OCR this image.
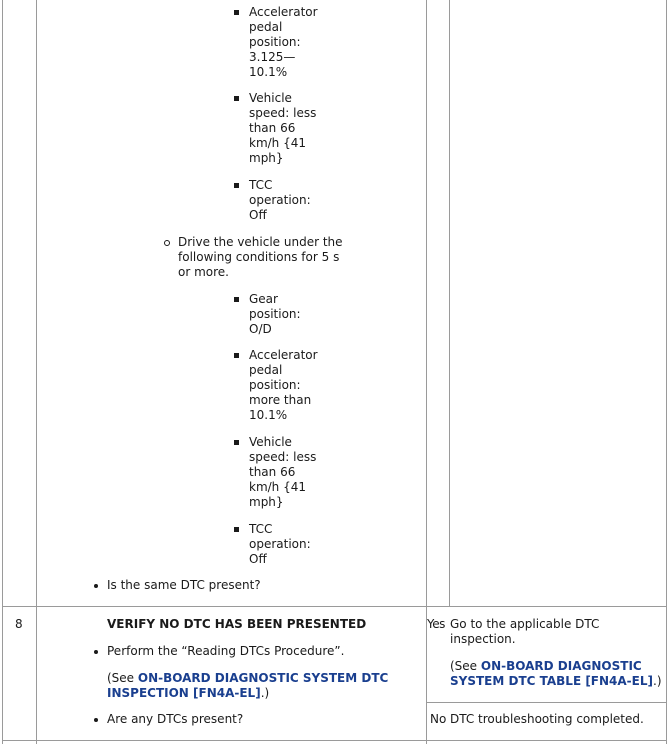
Accelerator
pedal
position:
3.125—
10.1%
Vehicle
speed: less
than 66
km/h {41
mph}
TCC
operation:
Off
Drive the vehicle under the
following conditions for 5 s
or more.
Gear
position:
O/D
Accelerator
pedal
position:
more than
10.1%
Vehicle
speed: less
than 66
km/h {41
mph}
TCC
operation:
Off
Is the same DTC present?
8	VERIFY NO DTC HAS BEEN PRESENTED
Perform the “Reading DTCs Procedure”.
(See ON-BOARD DIAGNOSTIC SYSTEM DTC
INSPECTION [FN4A-EL].)
Are any DTCs present?
Yes Go to the applicable DTC
inspection.
(See ON-BOARD DIAGNOSTIC
SYSTEM DTC TABLE [FN4A-EL].)
No DTC troubleshooting completed.
